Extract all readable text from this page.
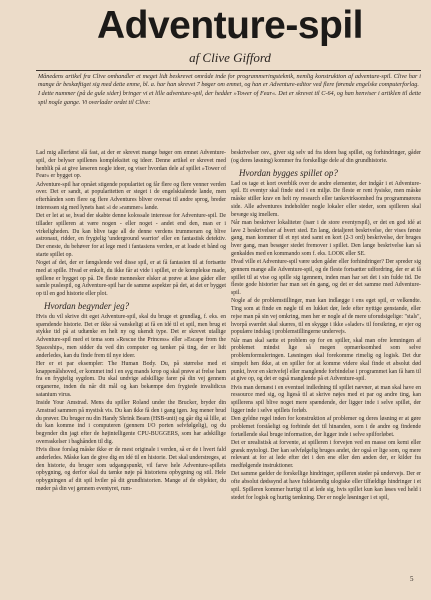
Adventure-spil
af Clive Gifford

Månedens artikel fra Clive omhandler et meget lidt beskrevet område inde for programmeringsteknik, nemlig konstruktion af adventure-spil. Clive har i mange år beskæftiget sig med dette emne, bl. a. har han skrevet 7 bøger om emnet, og han er Adventure-editor ved flere førende engelske computerforlag.

I dette nummer (på de gule sider) bringer vi et lille adventure-spil, der hedder »Tower of Fear«. Det er skrevet til C-64, og han henviser i artiklen til dette spil nogle gange. Vi overlader ordet til Clive:

Lad mig allerførst slå fast, at der er skrevet mange bøger om emnet Adventure-spil, der belyser spillenes kompleksitet og ideer. Denne artikel er skrevet med henblik på at give læseren nogle ideer, og viser hvordan dele af spillet »Tower of Fear« er bygget op.

Adventure-spil har opnået stigende popularitet og får flere og flere venner verden over. Det er sandt, at popularitetten er steget i de engelsktalende lande, men efterhånden som flere og flere Adventures bliver oversat til andre sprog, breder interessen sig med lynets hast »i de »rammer« lande.

Det er let at se, hvad der skabte denne kolossale interesse for Adventure-spil. De tillader spilleren at være nogen - eller noget - andet end den, man er i virkeligheden. Du kan blive tage all de denne verdens trummeram og blive astronaut, ridder, en frygtelig 'underground warrior' eller en fantastisk detektiv. Der eneste, du behøver for at lege med i fantasiens verden, er at loade et bånd og starte spillet op.

Noget af det, der er fængslende ved disse spil, er at få fantasien til at fortsætte med at spille. Hvad er enkelt, du ikke får at vide i spillet, er de komplekse made, spillene er bygget op på. De fleste mennesker elsker at prøve at løse gåder eller samle puslespil, og Adventure-spil har de samme aspekter på det, at det er bygget op til en god historie eller plot.

Hvordan begynder jeg?

Hvis du vil skrive dit eget Adventure-spil, skal du bruge et grundlag, f. eks. en spændende historie. Det er ikke så vanskeligt at få en idé til et spil, men brug et stykke tid på at udtænke en helt ny og ukendt type. Det er skrevet utallige Adventure-spil med et tema som »Rescue the Princess« eller »Escape from the Spaceship«, men sidder du ved din computer og tænker på ting, der er lidt anderledes, kan du finde frem til nye ideer.

Her er et par eksempler: The Human Body. Du, på størrelse med et knappenålshoved, er kommet ind i en syg mands krop og skal prøve at frelse ham fra en frygtelig sygdom. Du skal undvige adskillige farer på din vej gennem organerne, inden du når dit mål og kan bekæmpe den frygtede invalidicus satanium virus.

Inside Your Amstrad. Mens du spiller Roland under the Brucker, bryder din Amstrad sammen på mystisk vis. Du kan ikke få den i gang igen. Jeg mener brud du prøver. Du bruger nu din Handy Shrink Beam (HSB-unit) og går dig så lille, at du kan komme ind i computeren (gennem I/O porten selvfølgelig), og du begynder din jagt efter de højintelligente CPU-BUGGERS, som har adskillige overraskelser i baghånden til dig.

Hvis disse forslag måske ikke er de mest originale i verden, så er de i hvert fald anderledes. Måske kan de give dig en idé til en historie. Det skal understreges, at den historie, du bruger som udgangspunkt, vil farve hele Adventure-spillets opbygning, og derfor skal du tænke nøje på historiens opbygning og stil. Hele opbygningen af dit spil hviler på dit grundhistorien. Mange af de objekter, du møder på din vej gennem eventyret, rum-

beskrivelser osv., giver sig selv ud fra ideen bag spillet, og forhindringer, gåder (og deres løsning) kommer fra forskellige dele af din grundhistorie.

Hvordan bygges spillet op?

Lad os tage et kort overblik over de andre elementer, der indgår i et Adventure-spil. Et eventyr skal finde sted i en miljø. De fleste er rent fysiske, men måske måske stiller krav en helt ny research eller tankevirksomhed fra programmørens side. Alle adventures indeholder nogle lokaler eller steder, som spilleren skal bevæge sig imellem.

Når man beskriver lokaliteter (især i de store eventyrspil), er det en god idé at lave 2 beskrivelser af hvert sted. En lang, detaljeret beskrivelse, der vises første gang, man kommer til et nyt sted samt en kort (2-3 ord) beskrivelse, der bruges hver gang, man besøger stedet fremover i spillet. Den lange beskrivelse kan så genkaldes med en kommando som f. eks. LOOK eller SE.

Hvad ville et Adventure-spil være uden gåder eller forhindringer? Der spreder sig gennem mange alle Adventure-spil, og de fleste fortsætter udfordring, der er at få spillet til at vise og spille sig igennem, inden man har set det i sin fulde tid. De fleste gode historier har man set én gang, og det er det samme med Adventure-spil.

Nogle af de problemstillinger, man kan indlægge i ens eget spil, er velkendte. Ting som at finde en nøgle til en lukket dør, lede efter nyttige genstande, eller rejse man på sin vej omkring, men her er nogle af de mere uforudsigelige: "stals", hvorpå sværdet skal skæres, til en skygge i ikke »slader« til forsikring, er ejer og populære indslag i problemstillingerne undervejs.

Når man skal sætte et problem op for en spiller, skal man ofre lemningen af problemet mindst lige så megen opmærksomhed som selve problemformuleringen. Løsningen skal forekomme rimelig og logisk. Det dur simpelt hen ikke, at en spiller for at komme videre skal finde et absolut død punkt, hvor en skrivefejl eller manglende forbindelse i programmet kan få ham til at give op, og det er også manglende på et Adventure-spil.

Hvis man dernæst i en eventuel indledning til spillet nævner, at man skal have en ressource med sig, og ligeså til at skrive nøjes med et par og andre ting, kan spillerens spil blive noget mere spændende, der ligger inde i selve spillet, der ligger inde i selve spillets forløb.

Den gyldne regel inden for konstruktion af problemer og deres løsning er at gøre problemet forståeligt og forbinde det til hinanden, som i de andre og findende fortællende skal bruge information, der ligger inde i selve spilforløbet.

Det er urealistisk at forvente, at spilleren i forvejen ved en masse om kemi eller græsk mytologi. Der kan selvfølgelig bruges andet, der også er lige som, og mere relevant at for at lede efter det i den ene eller den anden der, er kilder fra medfølgende instruktioner.

Det samme gælder de forskellige hindringer, spilleren støder på undervejs. Der er ofte absolut dødssynd at have fuldstændig ulogiske eller tilfældige hindringer i et spil. Spilleren kommer hurtigt til at lede sig, hvis spillet kun kan løses ved held i stedet for logisk og hurtig tænkning. Der er nogle løsninger i et spil,

5
